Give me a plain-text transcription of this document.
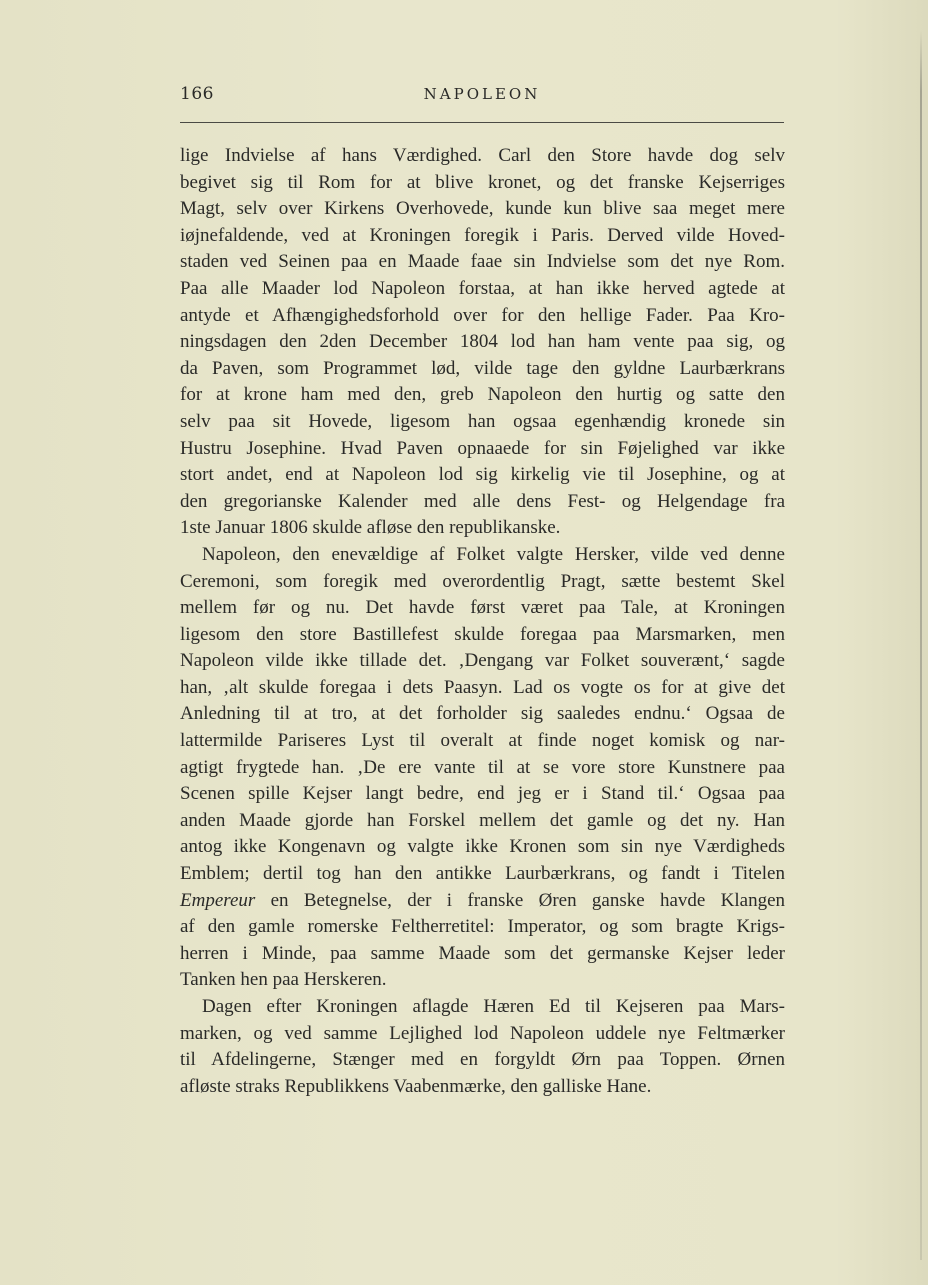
166	NAPOLEON
lige Indvielse af hans Værdighed. Carl den Store havde dog selv
begivet sig til Rom for at blive kronet, og det franske Kejserriges
Magt, selv over Kirkens Overhovede, kunde kun blive saa meget mere
iøjnefaldende, ved at Kroningen foregik i Paris. Derved vilde Hoved-
staden ved Seinen paa en Maade faae sin Indvielse som det nye Rom.
Paa alle Maader lod Napoleon forstaa, at han ikke herved agtede at
antyde et Afhængighedsforhold over for den hellige Fader. Paa Kro-
ningsdagen den 2den December 1804 lod han ham vente paa sig, og
da Paven, som Programmet lød, vilde tage den gyldne Laurbærkrans
for at krone ham med den, greb Napoleon den hurtig og satte den
selv paa sit Hovede, ligesom han ogsaa egenhændig kronede sin
Hustru Josephine. Hvad Paven opnaaede for sin Føjelighed var ikke
stort andet, end at Napoleon lod sig kirkelig vie til Josephine, og at
den gregorianske Kalender med alle dens Fest- og Helgendage fra
1ste Januar 1806 skulde afløse den republikanske.
Napoleon, den enevældige af Folket valgte Hersker, vilde ved denne
Ceremoni, som foregik med overordentlig Pragt, sætte bestemt Skel
mellem før og nu. Det havde først været paa Tale, at Kroningen
ligesom den store Bastillefest skulde foregaa paa Marsmarken, men
Napoleon vilde ikke tillade det. ‚Dengang var Folket souverænt,‘ sagde
han, ‚alt skulde foregaa i dets Paasyn. Lad os vogte os for at give det
Anledning til at tro, at det forholder sig saaledes endnu.‘ Ogsaa de
lattermilde Pariseres Lyst til overalt at finde noget komisk og nar-
agtigt frygtede han. ‚De ere vante til at se vore store Kunstnere paa
Scenen spille Kejser langt bedre, end jeg er i Stand til.‘ Ogsaa paa
anden Maade gjorde han Forskel mellem det gamle og det ny. Han
antog ikke Kongenavn og valgte ikke Kronen som sin nye Værdigheds
Emblem; dertil tog han den antikke Laurbærkrans, og fandt i Titelen
Empereur en Betegnelse, der i franske Øren ganske havde Klangen
af den gamle romerske Feltherretitel: Imperator, og som bragte Krigs-
herren i Minde, paa samme Maade som det germanske Kejser leder
Tanken hen paa Herskeren.
Dagen efter Kroningen aflagde Hæren Ed til Kejseren paa Mars-
marken, og ved samme Lejlighed lod Napoleon uddele nye Feltmærker
til Afdelingerne, Stænger med en forgyldt Ørn paa Toppen. Ørnen
afløste straks Republikkens Vaabenmærke, den galliske Hane.
